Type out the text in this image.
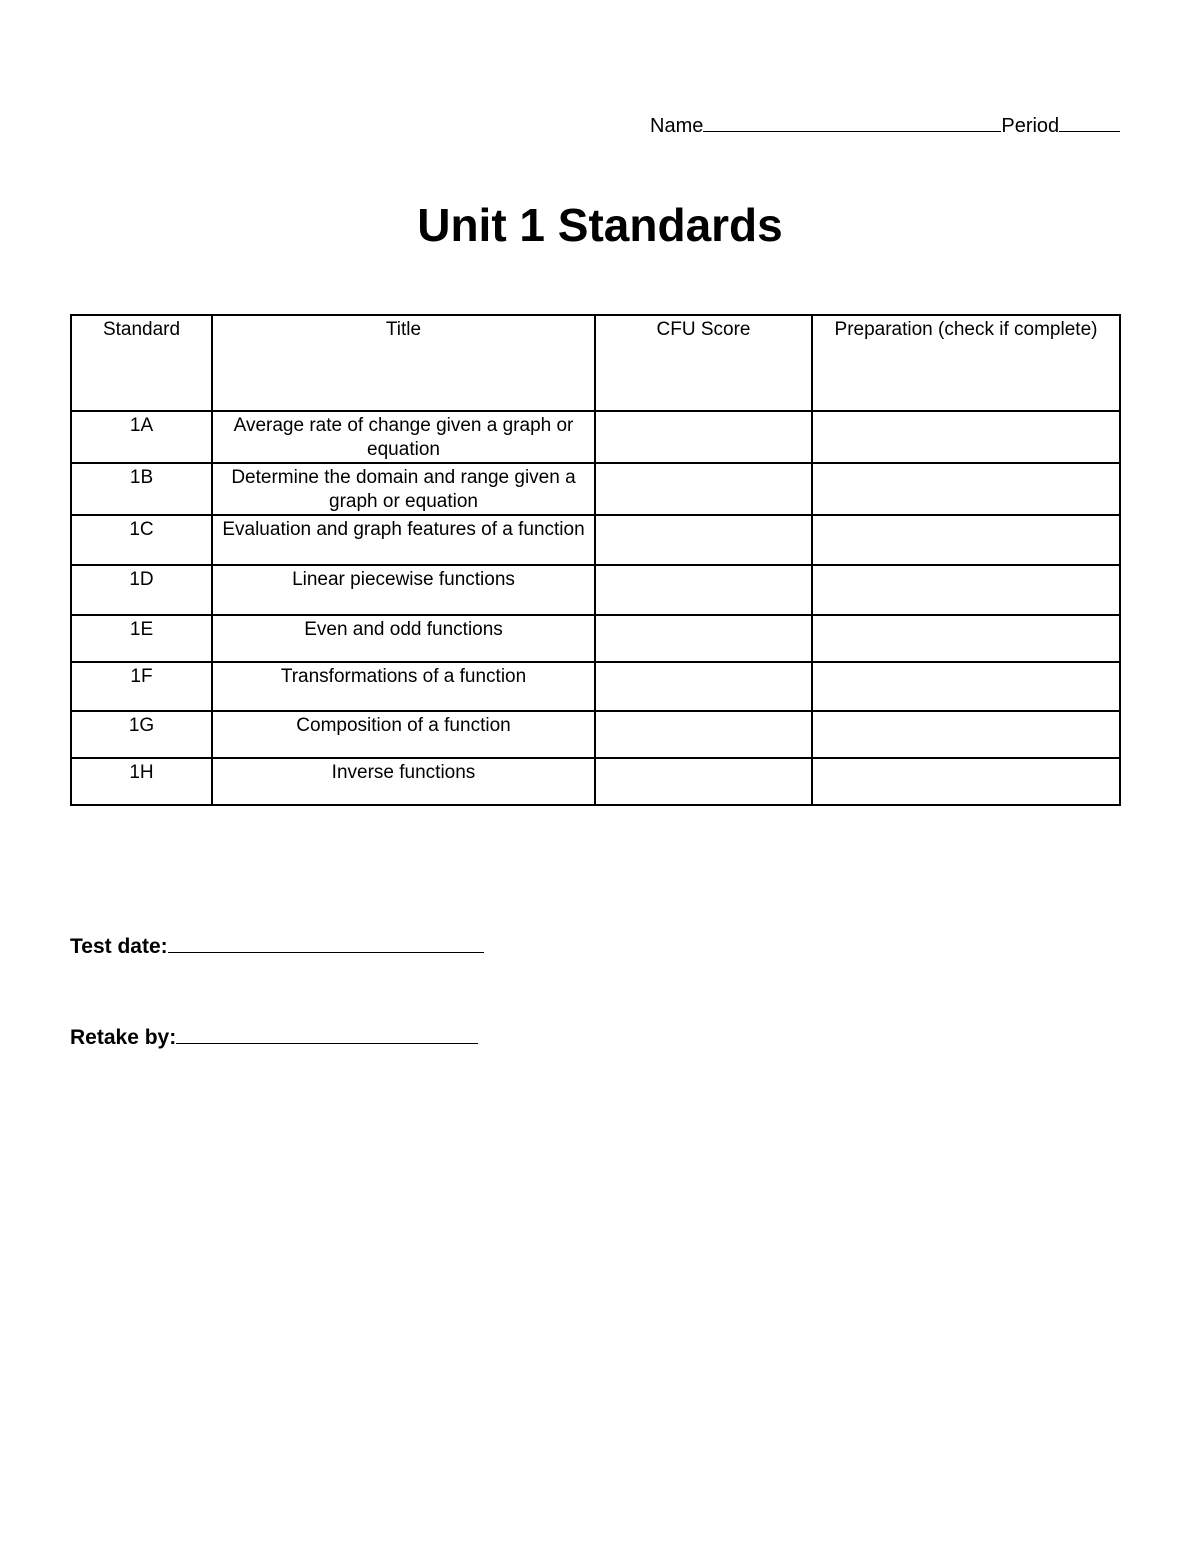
Name	Period
Unit 1 Standards
Standard	Title	CFU Score	Preparation (check if complete)
1A	Average rate of change given a graph or equation		
1B	Determine the domain and range given a graph or equation		
1C	Evaluation and graph features of a function		
1D	Linear piecewise functions		
1E	Even and odd functions		
1F	Transformations of a function		
1G	Composition of a function		
1H	Inverse functions		
Test date:
Retake by:
